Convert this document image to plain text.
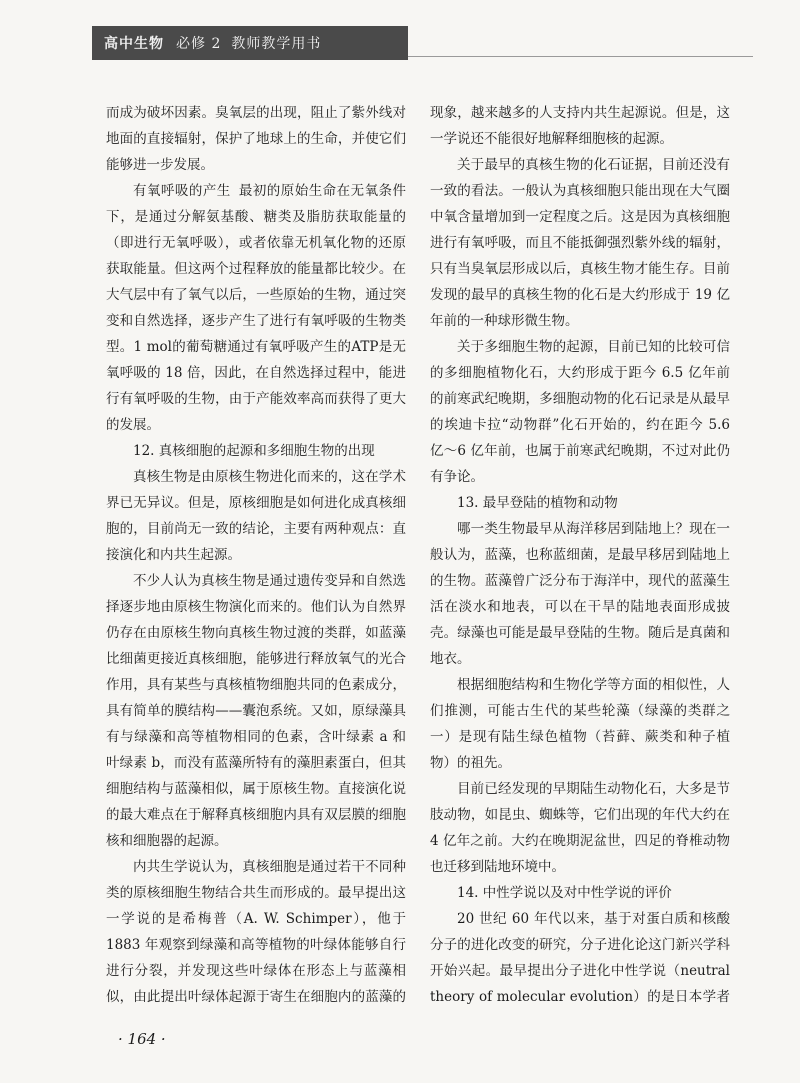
高中生物 必修 2 教师教学用书

而成为破坏因素。臭氧层的出现，阻止了紫外线对地面的直接辐射，保护了地球上的生命，并使它们能够进一步发展。

有氧呼吸的产生 最初的原始生命在无氧条件下，是通过分解氨基酸、糖类及脂肪获取能量的（即进行无氧呼吸），或者依靠无机氧化物的还原获取能量。但这两个过程释放的能量都比较少。在大气层中有了氧气以后，一些原始的生物，通过突变和自然选择，逐步产生了进行有氧呼吸的生物类型。1 mol的葡萄糖通过有氧呼吸产生的ATP是无氧呼吸的 18 倍，因此，在自然选择过程中，能进行有氧呼吸的生物，由于产能效率高而获得了更大的发展。

12. 真核细胞的起源和多细胞生物的出现

真核生物是由原核生物进化而来的，这在学术界已无异议。但是，原核细胞是如何进化成真核细胞的，目前尚无一致的结论，主要有两种观点：直接演化和内共生起源。

不少人认为真核生物是通过遗传变异和自然选择逐步地由原核生物演化而来的。他们认为自然界仍存在由原核生物向真核生物过渡的类群，如蓝藻比细菌更接近真核细胞，能够进行释放氧气的光合作用，具有某些与真核植物细胞共同的色素成分，具有简单的膜结构——囊泡系统。又如，原绿藻具有与绿藻和高等植物相同的色素，含叶绿素 a 和叶绿素 b，而没有蓝藻所特有的藻胆素蛋白，但其细胞结构与蓝藻相似，属于原核生物。直接演化说的最大难点在于解释真核细胞内具有双层膜的细胞核和细胞器的起源。

内共生学说认为，真核细胞是通过若干不同种类的原核细胞生物结合共生而形成的。最早提出这一学说的是希梅普（A. W. Schimper），他于 1883 年观察到绿藻和高等植物的叶绿体能够自行进行分裂，并发现这些叶绿体在形态上与蓝藻相似，由此提出叶绿体起源于寄生在细胞内的蓝藻的

现象，越来越多的人支持内共生起源说。但是，这一学说还不能很好地解释细胞核的起源。

关于最早的真核生物的化石证据，目前还没有一致的看法。一般认为真核细胞只能出现在大气圈中氧含量增加到一定程度之后。这是因为真核细胞进行有氧呼吸，而且不能抵御强烈紫外线的辐射，只有当臭氧层形成以后，真核生物才能生存。目前发现的最早的真核生物的化石是大约形成于 19 亿年前的一种球形微生物。

关于多细胞生物的起源，目前已知的比较可信的多细胞植物化石，大约形成于距今 6.5 亿年前的前寒武纪晚期，多细胞动物的化石记录是从最早的埃迪卡拉“动物群”化石开始的，约在距今 5.6 亿～6 亿年前，也属于前寒武纪晚期，不过对此仍有争论。

13. 最早登陆的植物和动物

哪一类生物最早从海洋移居到陆地上？现在一般认为，蓝藻，也称蓝细菌，是最早移居到陆地上的生物。蓝藻曾广泛分布于海洋中，现代的蓝藻生活在淡水和地表，可以在干旱的陆地表面形成披壳。绿藻也可能是最早登陆的生物。随后是真菌和地衣。

根据细胞结构和生物化学等方面的相似性，人们推测，可能古生代的某些轮藻（绿藻的类群之一）是现有陆生绿色植物（苔藓、蕨类和种子植物）的祖先。

目前已经发现的早期陆生动物化石，大多是节肢动物，如昆虫、蜘蛛等，它们出现的年代大约在 4 亿年之前。大约在晚期泥盆世，四足的脊椎动物也迁移到陆地环境中。

14. 中性学说以及对中性学说的评价

20 世纪 60 年代以来，基于对蛋白质和核酸分子的进化改变的研究，分子进化论这门新兴学科开始兴起。最早提出分子进化中性学说（neutral theory of molecular evolution）的是日本学者

· 164 ·
